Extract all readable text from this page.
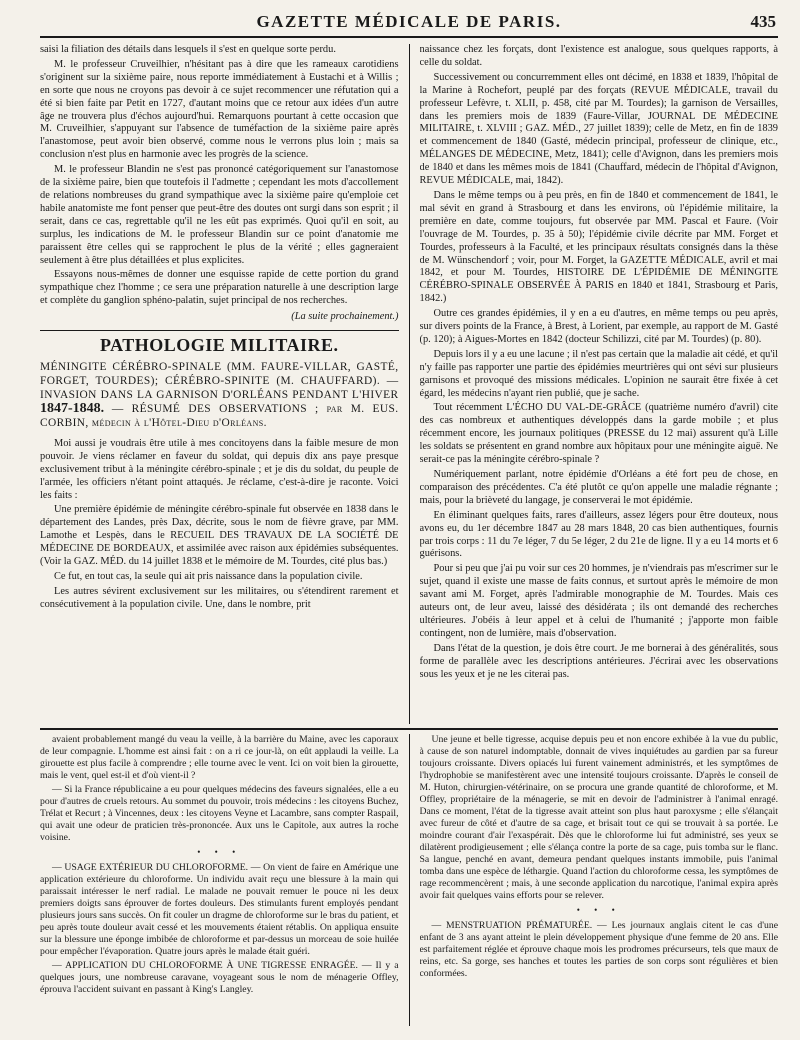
GAZETTE MÉDICALE DE PARIS.	435

saisi la filiation des détails dans lesquels il s'est en quelque sorte perdu.

M. le professeur Cruveilhier, n'hésitant pas à dire que les rameaux carotidiens s'originent sur la sixième paire, nous reporte immédiatement à Eustachi et à Willis ; en sorte que nous ne croyons pas devoir à ce sujet recommencer une réfutation qui a été si bien faite par Petit en 1727, d'autant moins que ce retour aux idées d'un autre âge ne trouvera plus d'échos aujourd'hui. Remarquons pourtant à cette occasion que M. Cruveilhier, s'appuyant sur l'absence de tuméfaction de la sixième paire après l'anastomose, peut avoir bien observé, comme nous le verrons plus loin ; mais sa conclusion n'est plus en harmonie avec les progrès de la science.

M. le professeur Blandin ne s'est pas prononcé catégoriquement sur l'anastomose de la sixième paire, bien que toutefois il l'admette ; cependant les mots d'accollement de relations nombreuses du grand sympathique avec la sixième paire qu'emploie cet habile anatomiste me font penser que peut-être des doutes ont surgi dans son esprit ; il serait, dans ce cas, regrettable qu'il ne les eût pas exprimés. Quoi qu'il en soit, au surplus, les indications de M. le professeur Blandin sur ce point d'anatomie me paraissent être celles qui se rapprochent le plus de la vérité ; elles gagneraient seulement à être plus détaillées et plus explicites.

Essayons nous-mêmes de donner une esquisse rapide de cette portion du grand sympathique chez l'homme ; ce sera une préparation naturelle à une description large et complète du ganglion sphéno-palatin, sujet principal de nos recherches.

(La suite prochainement.)

PATHOLOGIE MILITAIRE.
MÉNINGITE CÉRÉBRO-SPINALE (MM. FAURE-VILLAR, GASTÉ, FORGET, TOURDES); CÉRÉBRO-SPINITE (M. CHAUFFARD). — INVASION DANS LA GARNISON D'ORLÉANS PENDANT L'HIVER 1847-1848. — RÉSUMÉ DES OBSERVATIONS ; par M. EUS. CORBIN, médecin à l'Hôtel-Dieu d'Orléans.

Moi aussi je voudrais être utile à mes concitoyens dans la faible mesure de mon pouvoir. Je viens réclamer en faveur du soldat, qui depuis dix ans paye presque exclusivement tribut à la méningite cérébro-spinale ; et je dis du soldat, du peuple de l'armée, les officiers n'étant point attaqués. Je réclame, c'est-à-dire je raconte. Voici les faits :

Une première épidémie de méningite cérébro-spinale fut observée en 1838 dans le département des Landes, près Dax, décrite, sous le nom de fièvre grave, par MM. Lamothe et Lespès, dans le RECUEIL DES TRAVAUX DE LA SOCIÉTÉ DE MÉDECINE DE BORDEAUX, et assimilée avec raison aux épidémies subséquentes. (Voir la GAZ. MÉD. du 14 juillet 1838 et le mémoire de M. Tourdes, cité plus bas.)

Ce fut, en tout cas, la seule qui ait pris naissance dans la population civile.

Les autres sévirent exclusivement sur les militaires, ou s'étendirent rarement et consécutivement à la population civile. Une, dans le nombre, prit

naissance chez les forçats, dont l'existence est analogue, sous quelques rapports, à celle du soldat.

Successivement ou concurremment elles ont décimé, en 1838 et 1839, l'hôpital de la Marine à Rochefort, peuplé par des forçats (REVUE MÉDICALE, travail du professeur Lefèvre, t. XLII, p. 458, cité par M. Tourdes); la garnison de Versailles, dans les premiers mois de 1839 (Faure-Villar, JOURNAL DE MÉDECINE MILITAIRE, t. XLVIII ; GAZ. MÉD., 27 juillet 1839); celle de Metz, en fin de 1839 et commencement de 1840 (Gasté, médecin principal, professeur de clinique, etc., MÉLANGES DE MÉDECINE, Metz, 1841); celle d'Avignon, dans les premiers mois de 1840 et dans les mêmes mois de 1841 (Chauffard, médecin de l'hôpital d'Avignon, REVUE MÉDICALE, mai, 1842).

Dans le même temps ou à peu près, en fin de 1840 et commencement de 1841, le mal sévit en grand à Strasbourg et dans les environs, où l'épidémie militaire, la première en date, comme toujours, fut observée par MM. Pascal et Faure. (Voir l'ouvrage de M. Tourdes, p. 35 à 50); l'épidémie civile décrite par MM. Forget et Tourdes, professeurs à la Faculté, et les principaux résultats consignés dans la thèse de M. Wünschendorf ; voir, pour M. Forget, la GAZETTE MÉDICALE, avril et mai 1842, et pour M. Tourdes, HISTOIRE DE L'ÉPIDÉMIE DE MÉNINGITE CÉRÉBRO-SPINALE OBSERVÉE À PARIS en 1840 et 1841, Strasbourg et Paris, 1842.)

Outre ces grandes épidémies, il y en a eu d'autres, en même temps ou peu après, sur divers points de la France, à Brest, à Lorient, par exemple, au rapport de M. Gasté (p. 120); à Aigues-Mortes en 1842 (docteur Schilizzi, cité par M. Tourdes) (p. 80).

Depuis lors il y a eu une lacune ; il n'est pas certain que la maladie ait cédé, et qu'il n'y faille pas rapporter une partie des épidémies meurtrières qui ont sévi sur plusieurs garnisons et provoqué des missions médicales. L'opinion ne saurait être fixée à cet égard, les médecins n'ayant rien publié, que je sache.

Tout récemment L'ÉCHO DU VAL-DE-GRÂCE (quatrième numéro d'avril) cite des cas nombreux et authentiques développés dans la garde mobile ; et plus récemment encore, les journaux politiques (PRESSE du 12 mai) assurent qu'à Lille les soldats se présentent en grand nombre aux hôpitaux pour une méningite aiguë. Ne serait-ce pas la méningite cérébro-spinale ?

Numériquement parlant, notre épidémie d'Orléans a été fort peu de chose, en comparaison des précédentes. C'a été plutôt ce qu'on appelle une maladie régnante ; mais, pour la brièveté du langage, je conserverai le mot épidémie.

En éliminant quelques faits, rares d'ailleurs, assez légers pour être douteux, nous avons eu, du 1er décembre 1847 au 28 mars 1848, 20 cas bien authentiques, fournis par trois corps : 11 du 7e léger, 7 du 5e léger, 2 du 21e de ligne. Il y a eu 14 morts et 6 guérisons.

Pour si peu que j'ai pu voir sur ces 20 hommes, je n'viendrais pas m'escrimer sur le sujet, quand il existe une masse de faits connus, et surtout après le mémoire de mon savant ami M. Forget, après l'admirable monographie de M. Tourdes. Mais ces auteurs ont, de leur aveu, laissé des désidérata ; ils ont demandé des recherches ultérieures. J'obéis à leur appel et à celui de l'humanité ; j'apporte mon faible contingent, non de lumière, mais d'observation.

Dans l'état de la question, je dois être court. Je me bornerai à des généralités, sous forme de parallèle avec les descriptions antérieures. J'écrirai avec les observations sous les yeux et je ne les citerai pas.

avaient probablement mangé du veau la veille, à la barrière du Maine, avec les caporaux de leur compagnie. L'homme est ainsi fait : on a ri ce jour-là, on eût applaudi la veille. La girouette est plus facile à comprendre ; elle tourne avec le vent. Ici on voit bien la girouette, mais le vent, quel est-il et d'où vient-il ?

— Si la France républicaine a eu pour quelques médecins des faveurs signalées, elle a eu pour d'autres de cruels retours. Au sommet du pouvoir, trois médecins : les citoyens Buchez, Trélat et Recurt ; à Vincennes, deux : les citoyens Veyne et Lacambre, sans compter Raspail, qui avait une odeur de praticien très-prononcée. Aux uns le Capitole, aux autres la roche voisine.

• • •

— USAGE EXTÉRIEUR DU CHLOROFORME. — On vient de faire en Amérique une application extérieure du chloroforme. Un individu avait reçu une blessure à la main qui paraissait intéresser le nerf radial. Le malade ne pouvait remuer le pouce ni les deux premiers doigts sans éprouver de fortes douleurs. Des stimulants furent employés pendant plusieurs jours sans succès. On fit couler un dragme de chloroforme sur le bras du patient, et peu après toute douleur avait cessé et les mouvements étaient rétablis. On appliqua ensuite sur la blessure une éponge imbibée de chloroforme et par-dessus un morceau de soie huilée pour empêcher l'évaporation. Quatre jours après le malade était guéri.

— APPLICATION DU CHLOROFORME À UNE TIGRESSE ENRAGÉE. — Il y a quelques jours, une nombreuse caravane, voyageant sous le nom de ménagerie Offley, éprouva l'accident suivant en passant à King's Langley.

Une jeune et belle tigresse, acquise depuis peu et non encore exhibée à la vue du public, à cause de son naturel indomptable, donnait de vives inquiétudes au gardien par sa fureur toujours croissante. Divers opiacés lui furent vainement administrés, et les symptômes de l'hydrophobie se manifestèrent avec une intensité toujours croissante. D'après le conseil de M. Huton, chirurgien-vétérinaire, on se procura une grande quantité de chloroforme, et M. Offley, propriétaire de la ménagerie, se mit en devoir de l'administrer à l'animal enragé. Dans ce moment, l'état de la tigresse avait atteint son plus haut paroxysme ; elle s'élançait avec fureur de côté et d'autre de sa cage, et brisait tout ce qui se trouvait à sa portée. Le moindre courant d'air l'exaspérait. Dès que le chloroforme lui fut administré, ses yeux se dilatèrent prodigieusement ; elle s'élança contre la porte de sa cage, puis tomba sur le flanc. Sa langue, penché en avant, demeura pendant quelques instants immobile, puis l'animal tomba dans une espèce de léthargie. Quand l'action du chloroforme cessa, les symptômes de rage recommencèrent ; mais, à une seconde application du narcotique, l'animal expira après avoir fait quelques vains efforts pour se relever.

• • •

— MENSTRUATION PRÉMATURÉE. — Les journaux anglais citent le cas d'une enfant de 3 ans ayant atteint le plein développement physique d'une femme de 20 ans. Elle est parfaitement réglée et éprouve chaque mois les prodromes précurseurs, tels que maux de reins, etc. Sa gorge, ses hanches et toutes les parties de son corps sont régulières et bien conformées.
